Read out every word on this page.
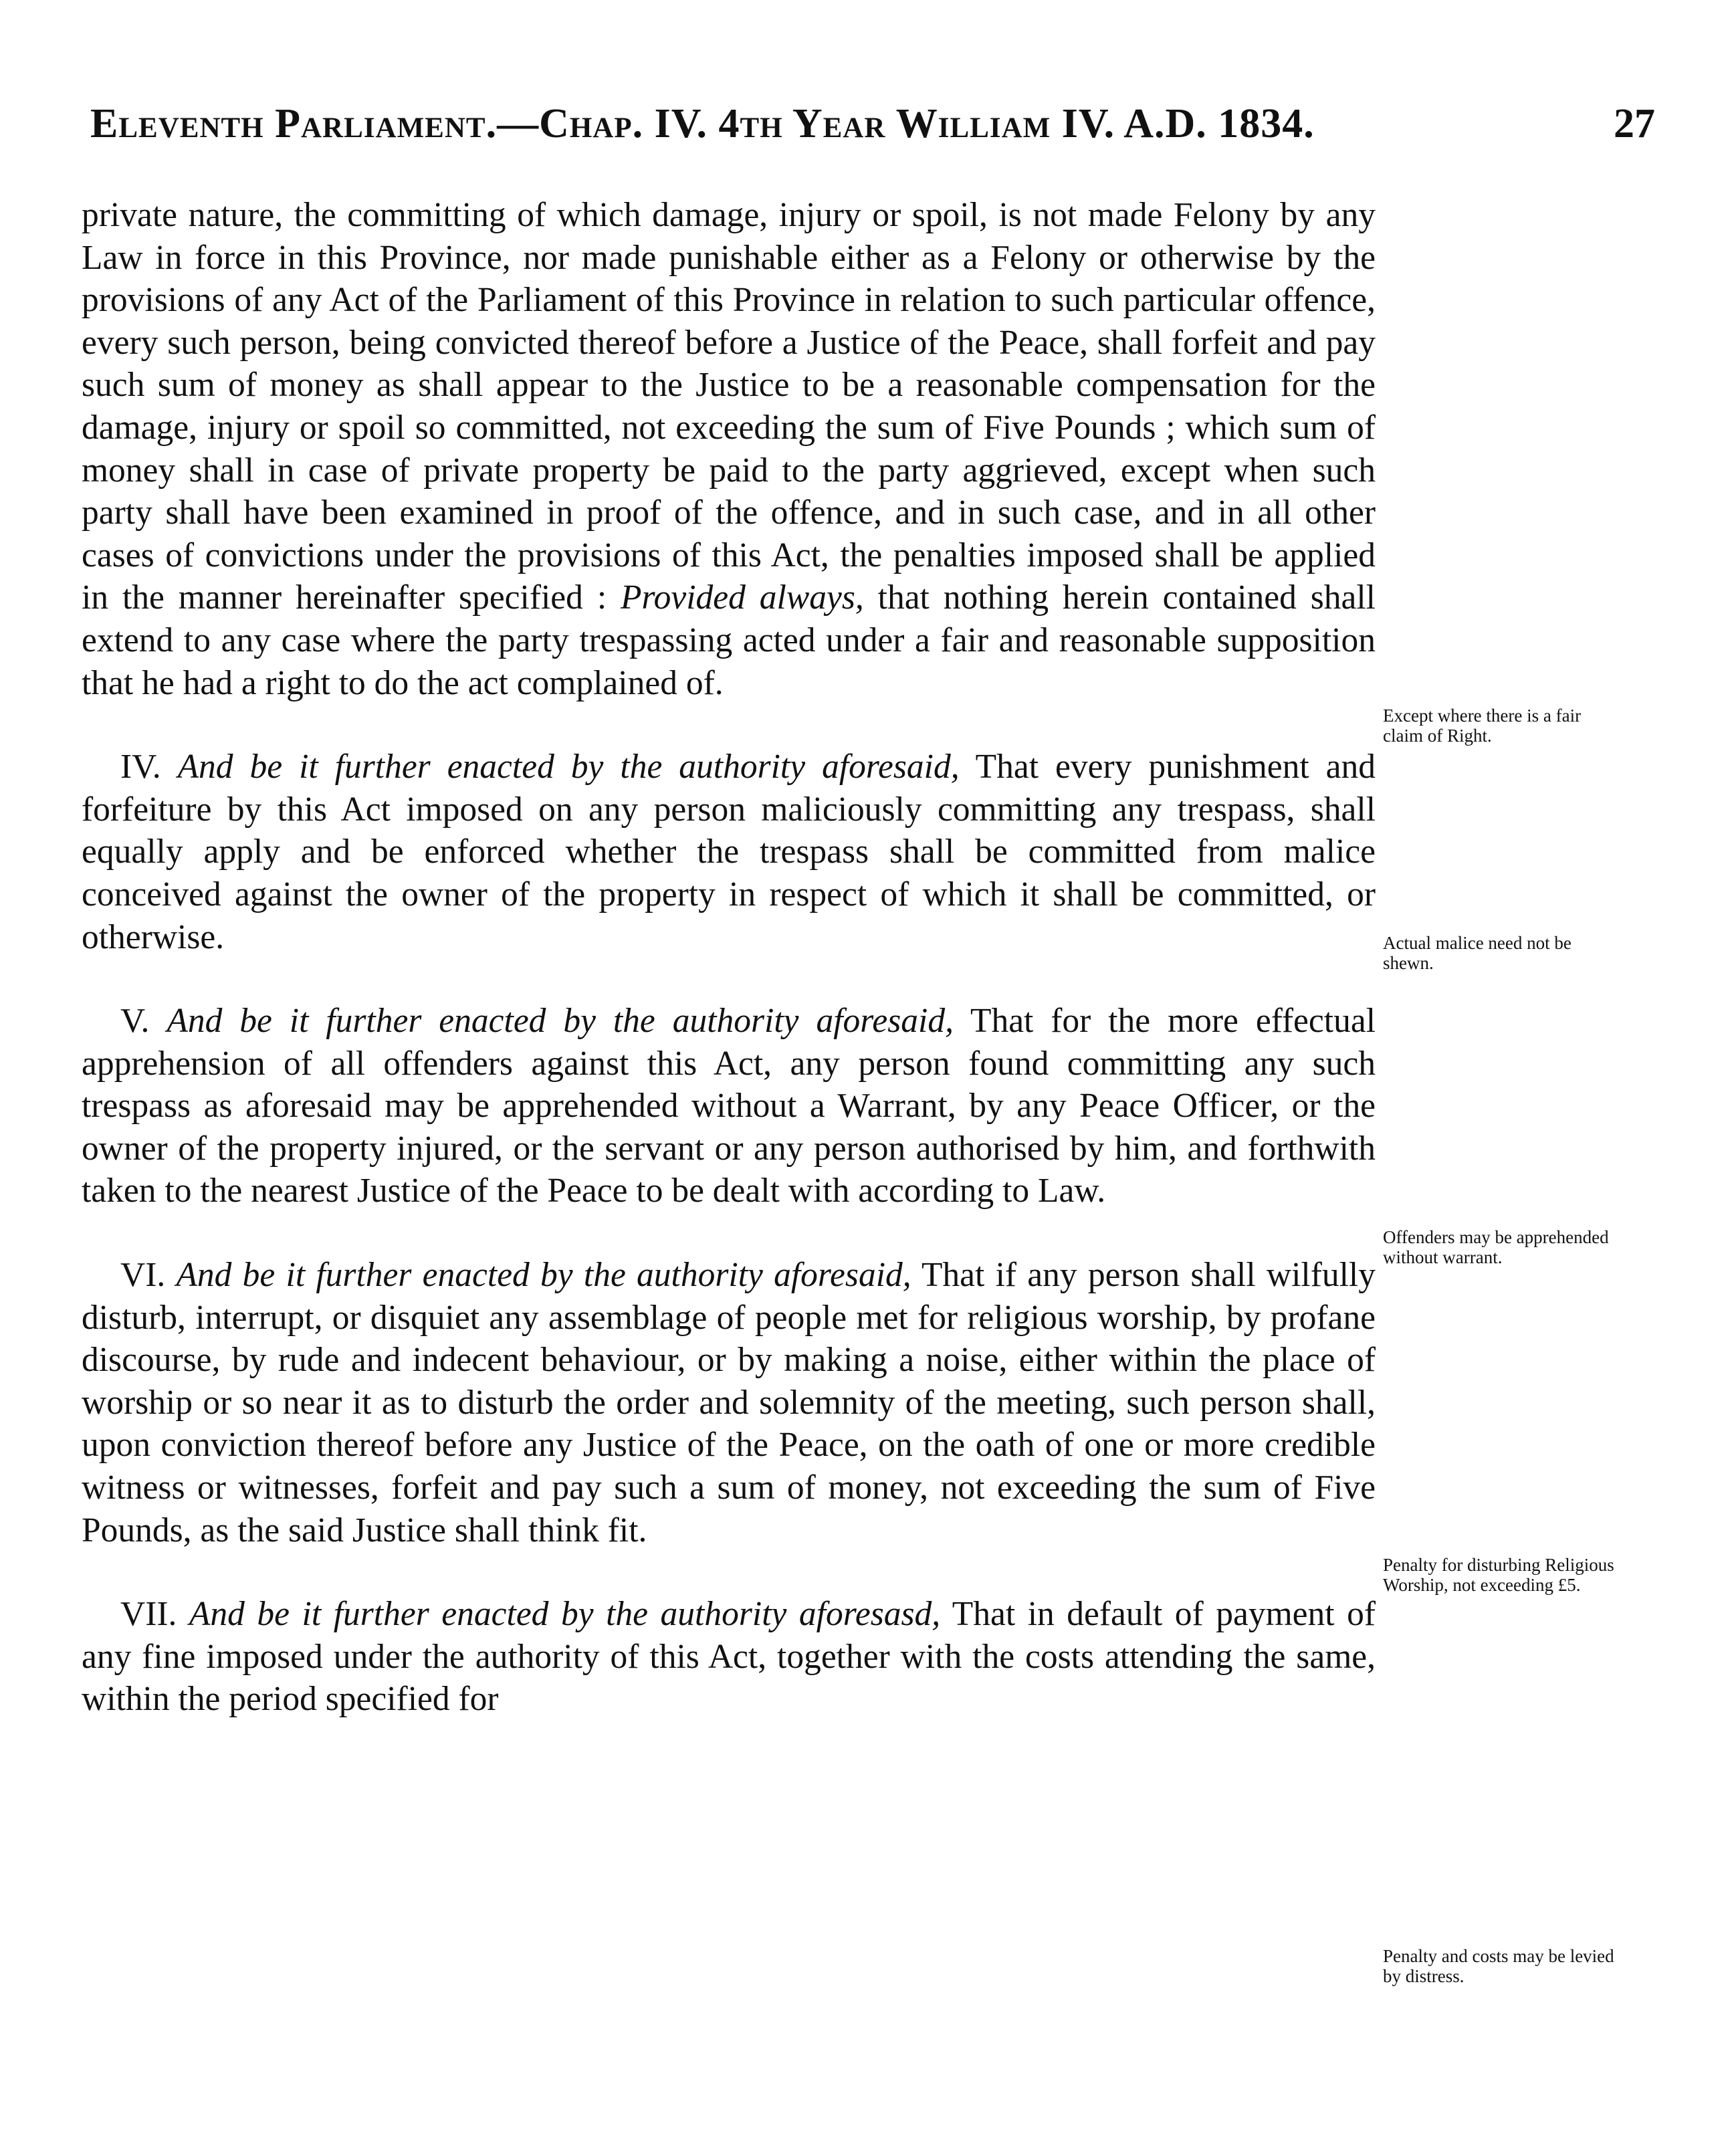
Eleventh Parliament.—Chap. IV. 4th Year William IV. A.D. 1834.	27

private nature, the committing of which damage, injury or spoil, is not made Felony by any Law in force in this Province, nor made punishable either as a Felony or otherwise by the provisions of any Act of the Parliament of this Province in relation to such particular offence, every such person, being convicted thereof before a Justice of the Peace, shall forfeit and pay such sum of money as shall appear to the Justice to be a reasonable compensation for the damage, injury or spoil so committed, not exceeding the sum of Five Pounds ; which sum of money shall in case of private property be paid to the party aggrieved, except when such party shall have been examined in proof of the offence, and in such case, and in all other cases of convictions under the provisions of this Act, the penalties imposed shall be applied in the manner hereinafter specified : Provided always, that nothing herein contained shall extend to any case where the party trespassing acted under a fair and reasonable supposition that he had a right to do the act complained of.

IV. And be it further enacted by the authority aforesaid, That every punishment and forfeiture by this Act imposed on any person maliciously committing any trespass, shall equally apply and be enforced whether the trespass shall be committed from malice conceived against the owner of the property in respect of which it shall be committed, or otherwise.

V. And be it further enacted by the authority aforesaid, That for the more effectual apprehension of all offenders against this Act, any person found committing any such trespass as aforesaid may be apprehended without a Warrant, by any Peace Officer, or the owner of the property injured, or the servant or any person authorised by him, and forthwith taken to the nearest Justice of the Peace to be dealt with according to Law.

VI. And be it further enacted by the authority aforesaid, That if any person shall wilfully disturb, interrupt, or disquiet any assemblage of people met for religious worship, by profane discourse, by rude and indecent behaviour, or by making a noise, either within the place of worship or so near it as to disturb the order and solemnity of the meeting, such person shall, upon conviction thereof before any Justice of the Peace, on the oath of one or more credible witness or witnesses, forfeit and pay such a sum of money, not exceeding the sum of Five Pounds, as the said Justice shall think fit.

VII. And be it further enacted by the authority aforesasd, That in default of payment of any fine imposed under the authority of this Act, together with the costs attending the same, within the period specified for

Except where there is a fair claim of Right.
Actual malice need not be shewn.
Offenders may be apprehended without warrant.
Penalty for disturbing Religious Worship, not exceeding £5.
Penalty and costs may be levied by distress.
